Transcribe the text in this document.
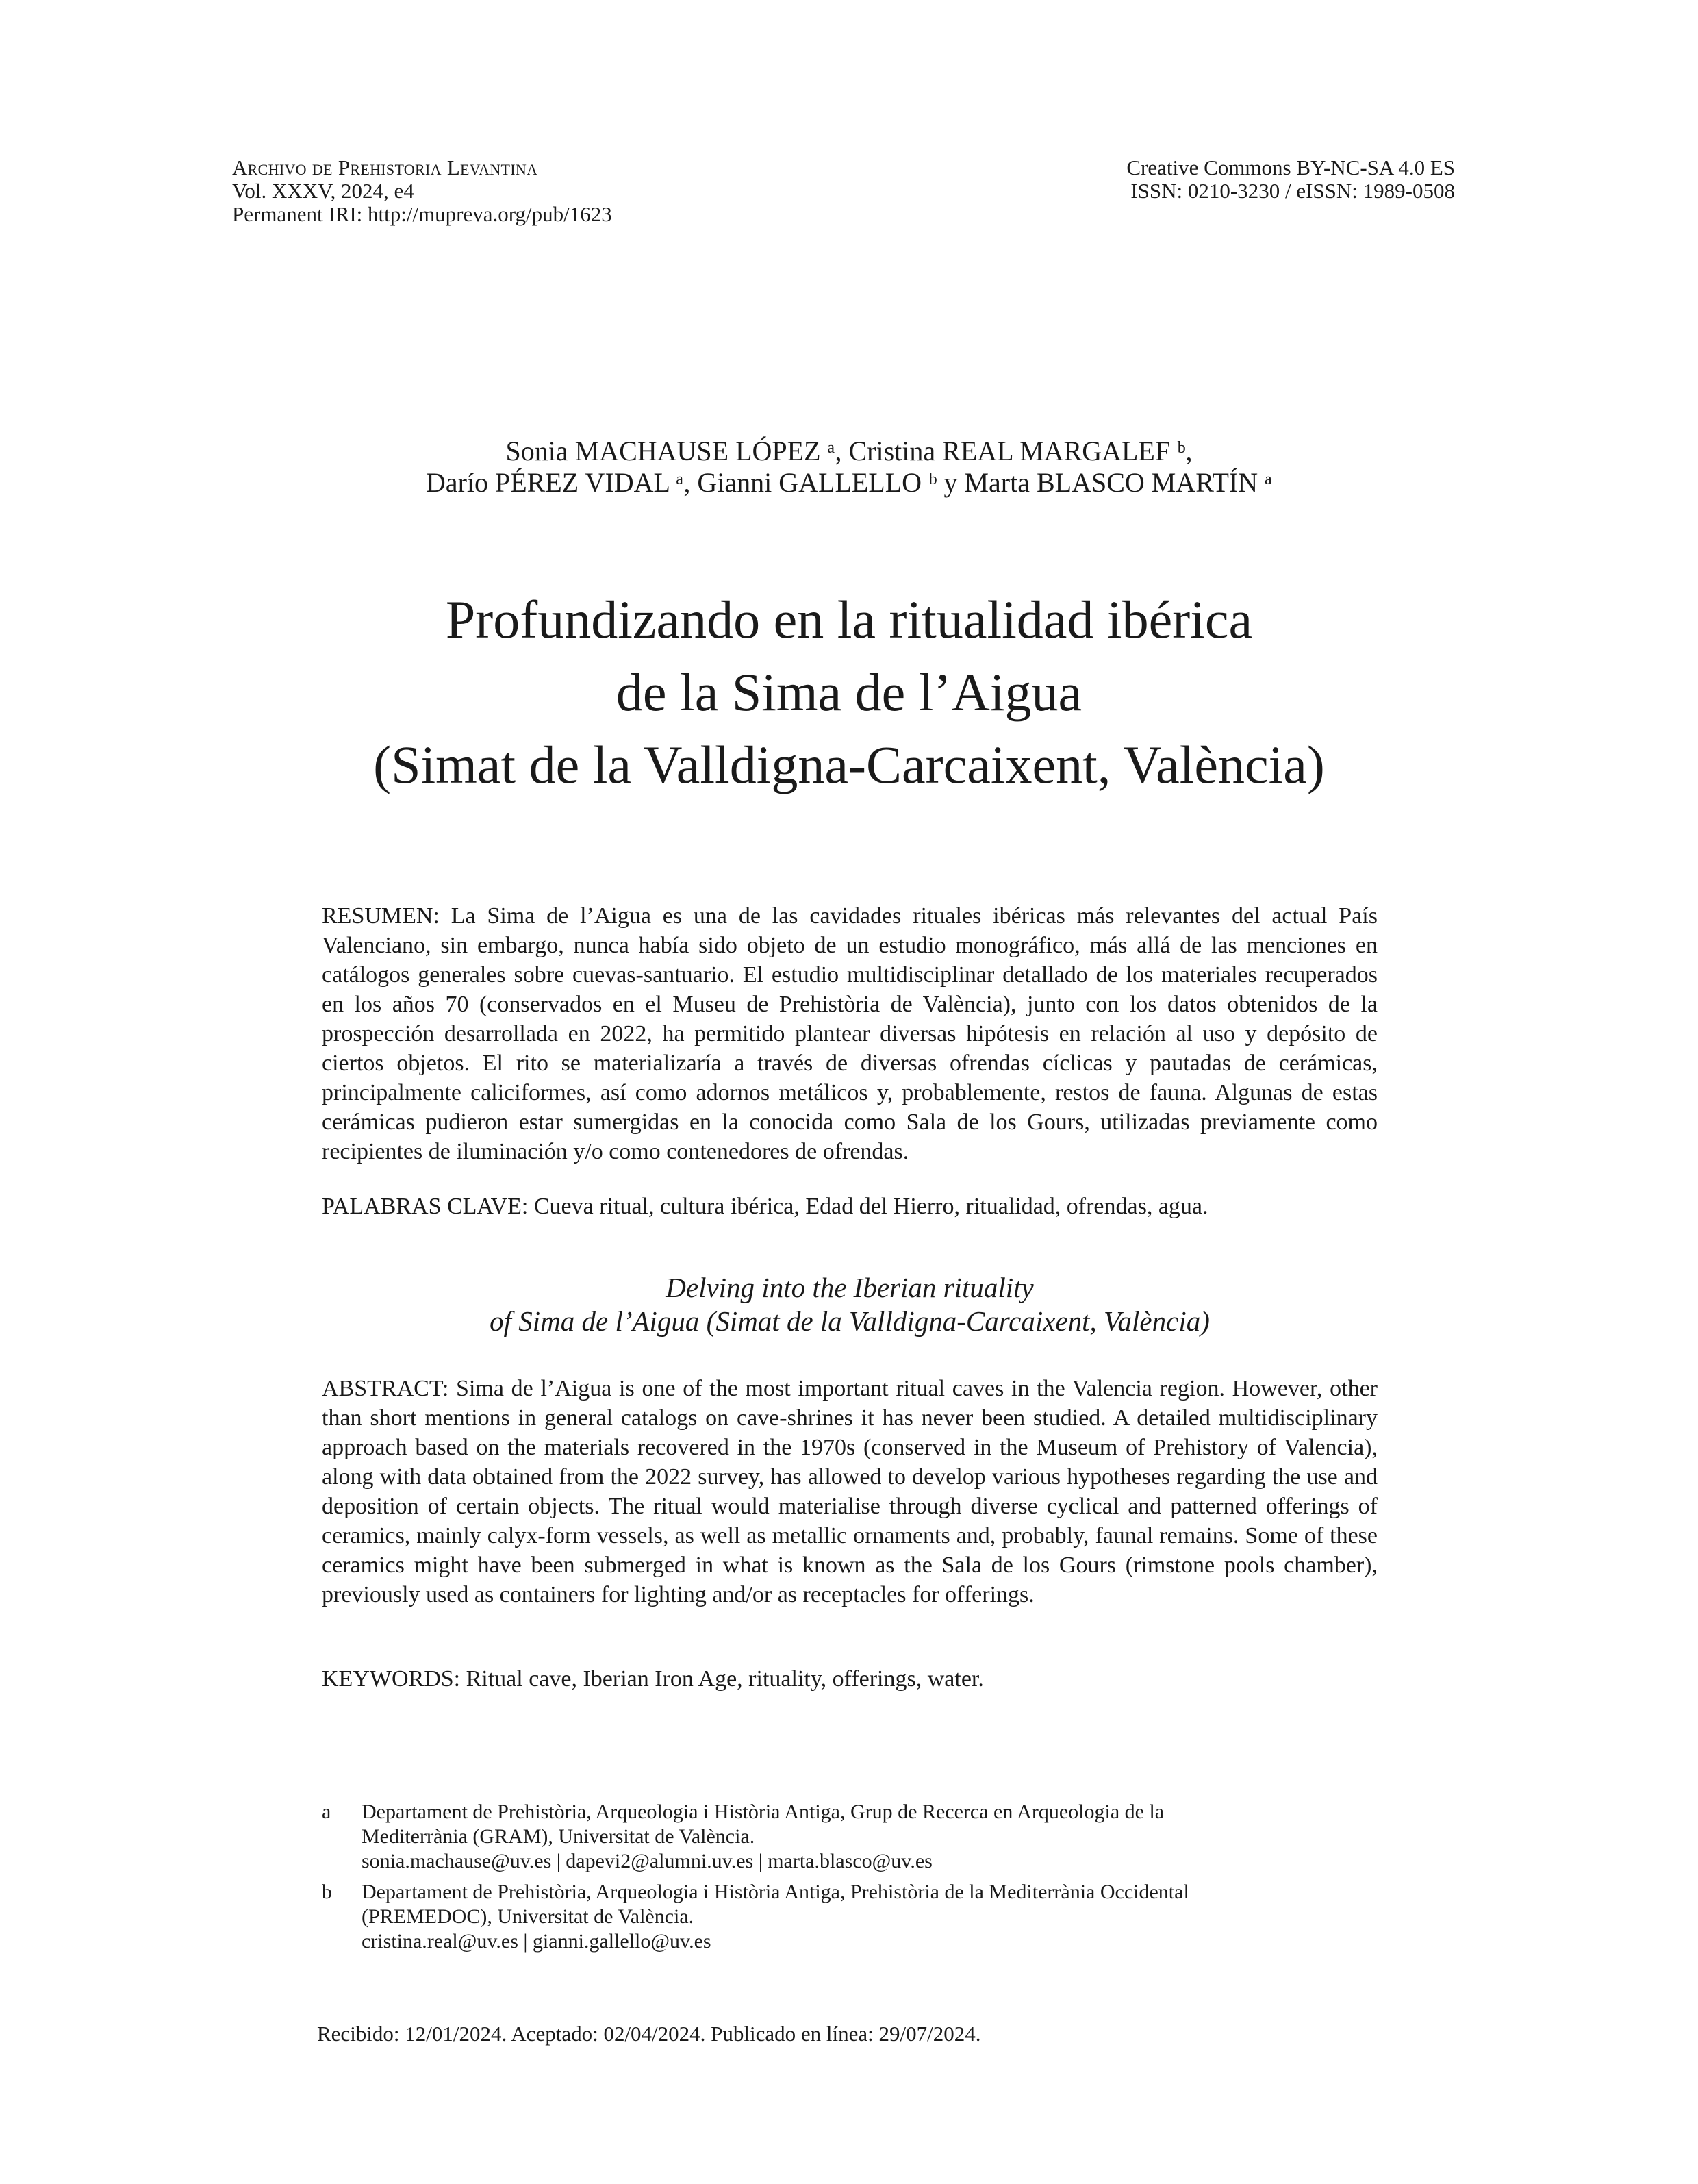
Archivo de Prehistoria Levantina
Vol. XXXV, 2024, e4
Permanent IRI: http://mupreva.org/pub/1623
Creative Commons BY-NC-SA 4.0 ES
ISSN: 0210-3230 / eISSN: 1989-0508
Sonia MACHAUSE LÓPEZ ᵃ, Cristina REAL MARGALEF ᵇ,
Darío PÉREZ VIDAL ᵃ, Gianni GALLELLO ᵇ y Marta BLASCO MARTÍN ᵃ
Profundizando en la ritualidad ibérica
de la Sima de l’Aigua
(Simat de la Valldigna-Carcaixent, València)
RESUMEN: La Sima de l’Aigua es una de las cavidades rituales ibéricas más relevantes del actual País Valenciano, sin embargo, nunca había sido objeto de un estudio monográfico, más allá de las menciones en catálogos generales sobre cuevas-santuario. El estudio multidisciplinar detallado de los materiales recuperados en los años 70 (conservados en el Museu de Prehistòria de València), junto con los datos obtenidos de la prospección desarrollada en 2022, ha permitido plantear diversas hipótesis en relación al uso y depósito de ciertos objetos. El rito se materializaría a través de diversas ofrendas cíclicas y pautadas de cerámicas, principalmente caliciformes, así como adornos metálicos y, probablemente, restos de fauna. Algunas de estas cerámicas pudieron estar sumergidas en la conocida como Sala de los Gours, utilizadas previamente como recipientes de iluminación y/o como contenedores de ofrendas.
PALABRAS CLAVE: Cueva ritual, cultura ibérica, Edad del Hierro, ritualidad, ofrendas, agua.
Delving into the Iberian rituality
of Sima de l’Aigua (Simat de la Valldigna-Carcaixent, València)
ABSTRACT: Sima de l’Aigua is one of the most important ritual caves in the Valencia region. However, other than short mentions in general catalogs on cave-shrines it has never been studied. A detailed multidisciplinary approach based on the materials recovered in the 1970s (conserved in the Museum of Prehistory of Valencia), along with data obtained from the 2022 survey, has allowed to develop various hypotheses regarding the use and deposition of certain objects. The ritual would materialise through diverse cyclical and patterned offerings of ceramics, mainly calyx-form vessels, as well as metallic ornaments and, probably, faunal remains. Some of these ceramics might have been submerged in what is known as the Sala de los Gours (rimstone pools chamber), previously used as containers for lighting and/or as receptacles for offerings.
KEYWORDS: Ritual cave, Iberian Iron Age, rituality, offerings, water.
a	Departament de Prehistòria, Arqueologia i Història Antiga, Grup de Recerca en Arqueologia de la
Mediterrània (GRAM), Universitat de València.
sonia.machause@uv.es | dapevi2@alumni.uv.es | marta.blasco@uv.es
b	Departament de Prehistòria, Arqueologia i Història Antiga, Prehistòria de la Mediterrània Occidental
(PREMEDOC), Universitat de València.
cristina.real@uv.es | gianni.gallello@uv.es
Recibido: 12/01/2024. Aceptado: 02/04/2024. Publicado en línea: 29/07/2024.
